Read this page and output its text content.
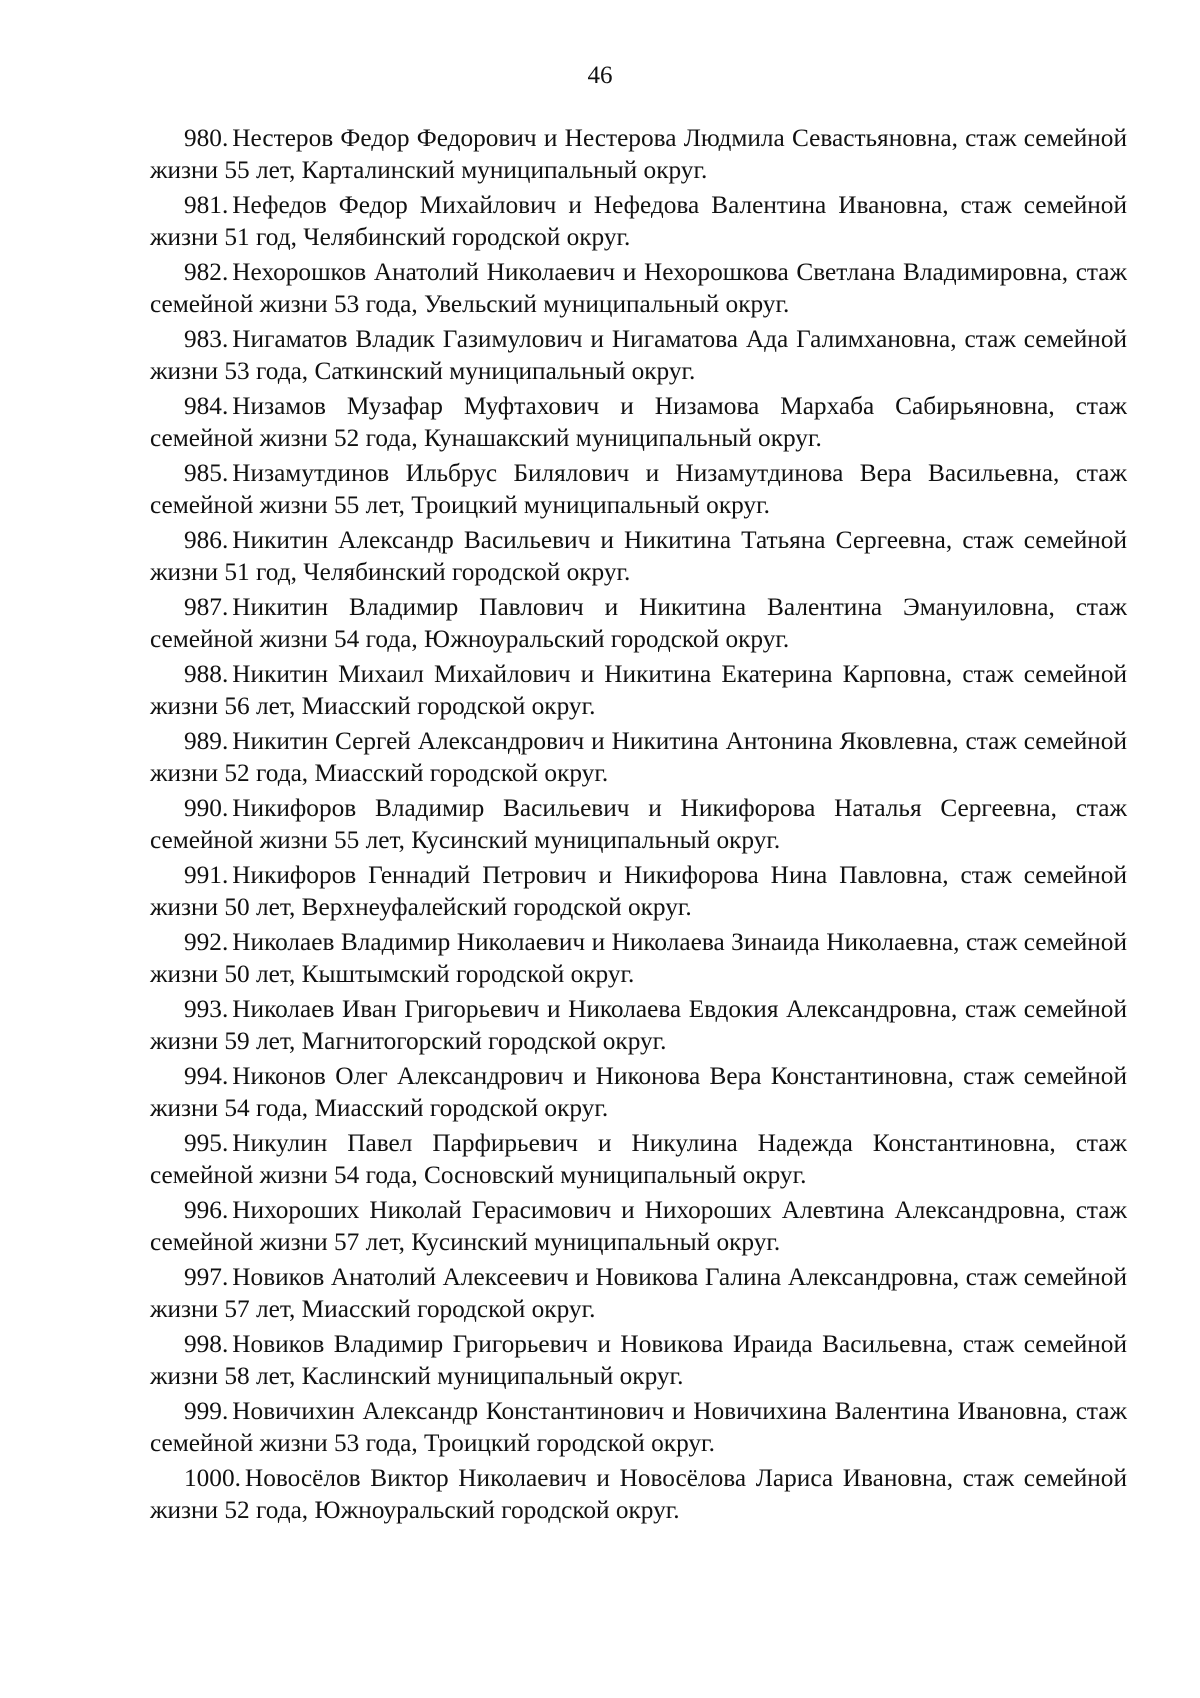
46

980. Нестеров Федор Федорович и Нестерова Людмила Севастьяновна, стаж семейной жизни 55 лет, Карталинский муниципальный округ.

981. Нефедов Федор Михайлович и Нефедова Валентина Ивановна, стаж семейной жизни 51 год, Челябинский городской округ.

982. Нехорошков Анатолий Николаевич и Нехорошкова Светлана Владимировна, стаж семейной жизни 53 года, Увельский муниципальный округ.

983. Нигаматов Владик Газимулович и Нигаматова Ада Галимхановна, стаж семейной жизни 53 года, Саткинский муниципальный округ.

984. Низамов Музафар Муфтахович и Низамова Мархаба Сабирьяновна, стаж семейной жизни 52 года, Кунашакский муниципальный округ.

985. Низамутдинов Ильбрус Билялович и Низамутдинова Вера Васильевна, стаж семейной жизни 55 лет, Троицкий муниципальный округ.

986. Никитин Александр Васильевич и Никитина Татьяна Сергеевна, стаж семейной жизни 51 год, Челябинский городской округ.

987. Никитин Владимир Павлович и Никитина Валентина Эмануиловна, стаж семейной жизни 54 года, Южноуральский городской округ.

988. Никитин Михаил Михайлович и Никитина Екатерина Карповна, стаж семейной жизни 56 лет, Миасский городской округ.

989. Никитин Сергей Александрович и Никитина Антонина Яковлевна, стаж семейной жизни 52 года, Миасский городской округ.

990. Никифоров Владимир Васильевич и Никифорова Наталья Сергеевна, стаж семейной жизни 55 лет, Кусинский муниципальный округ.

991. Никифоров Геннадий Петрович и Никифорова Нина Павловна, стаж семейной жизни 50 лет, Верхнеуфалейский городской округ.

992. Николаев Владимир Николаевич и Николаева Зинаида Николаевна, стаж семейной жизни 50 лет, Кыштымский городской округ.

993. Николаев Иван Григорьевич и Николаева Евдокия Александровна, стаж семейной жизни 59 лет, Магнитогорский городской округ.

994. Никонов Олег Александрович и Никонова Вера Константиновна, стаж семейной жизни 54 года, Миасский городской округ.

995. Никулин Павел Парфирьевич и Никулина Надежда Константиновна, стаж семейной жизни 54 года, Сосновский муниципальный округ.

996. Нихороших Николай Герасимович и Нихороших Алевтина Александровна, стаж семейной жизни 57 лет, Кусинский муниципальный округ.

997. Новиков Анатолий Алексеевич и Новикова Галина Александровна, стаж семейной жизни 57 лет, Миасский городской округ.

998. Новиков Владимир Григорьевич и Новикова Ираида Васильевна, стаж семейной жизни 58 лет, Каслинский муниципальный округ.

999. Новичихин Александр Константинович и Новичихина Валентина Ивановна, стаж семейной жизни 53 года, Троицкий городской округ.

1000. Новосёлов Виктор Николаевич и Новосёлова Лариса Ивановна, стаж семейной жизни 52 года, Южноуральский городской округ.
